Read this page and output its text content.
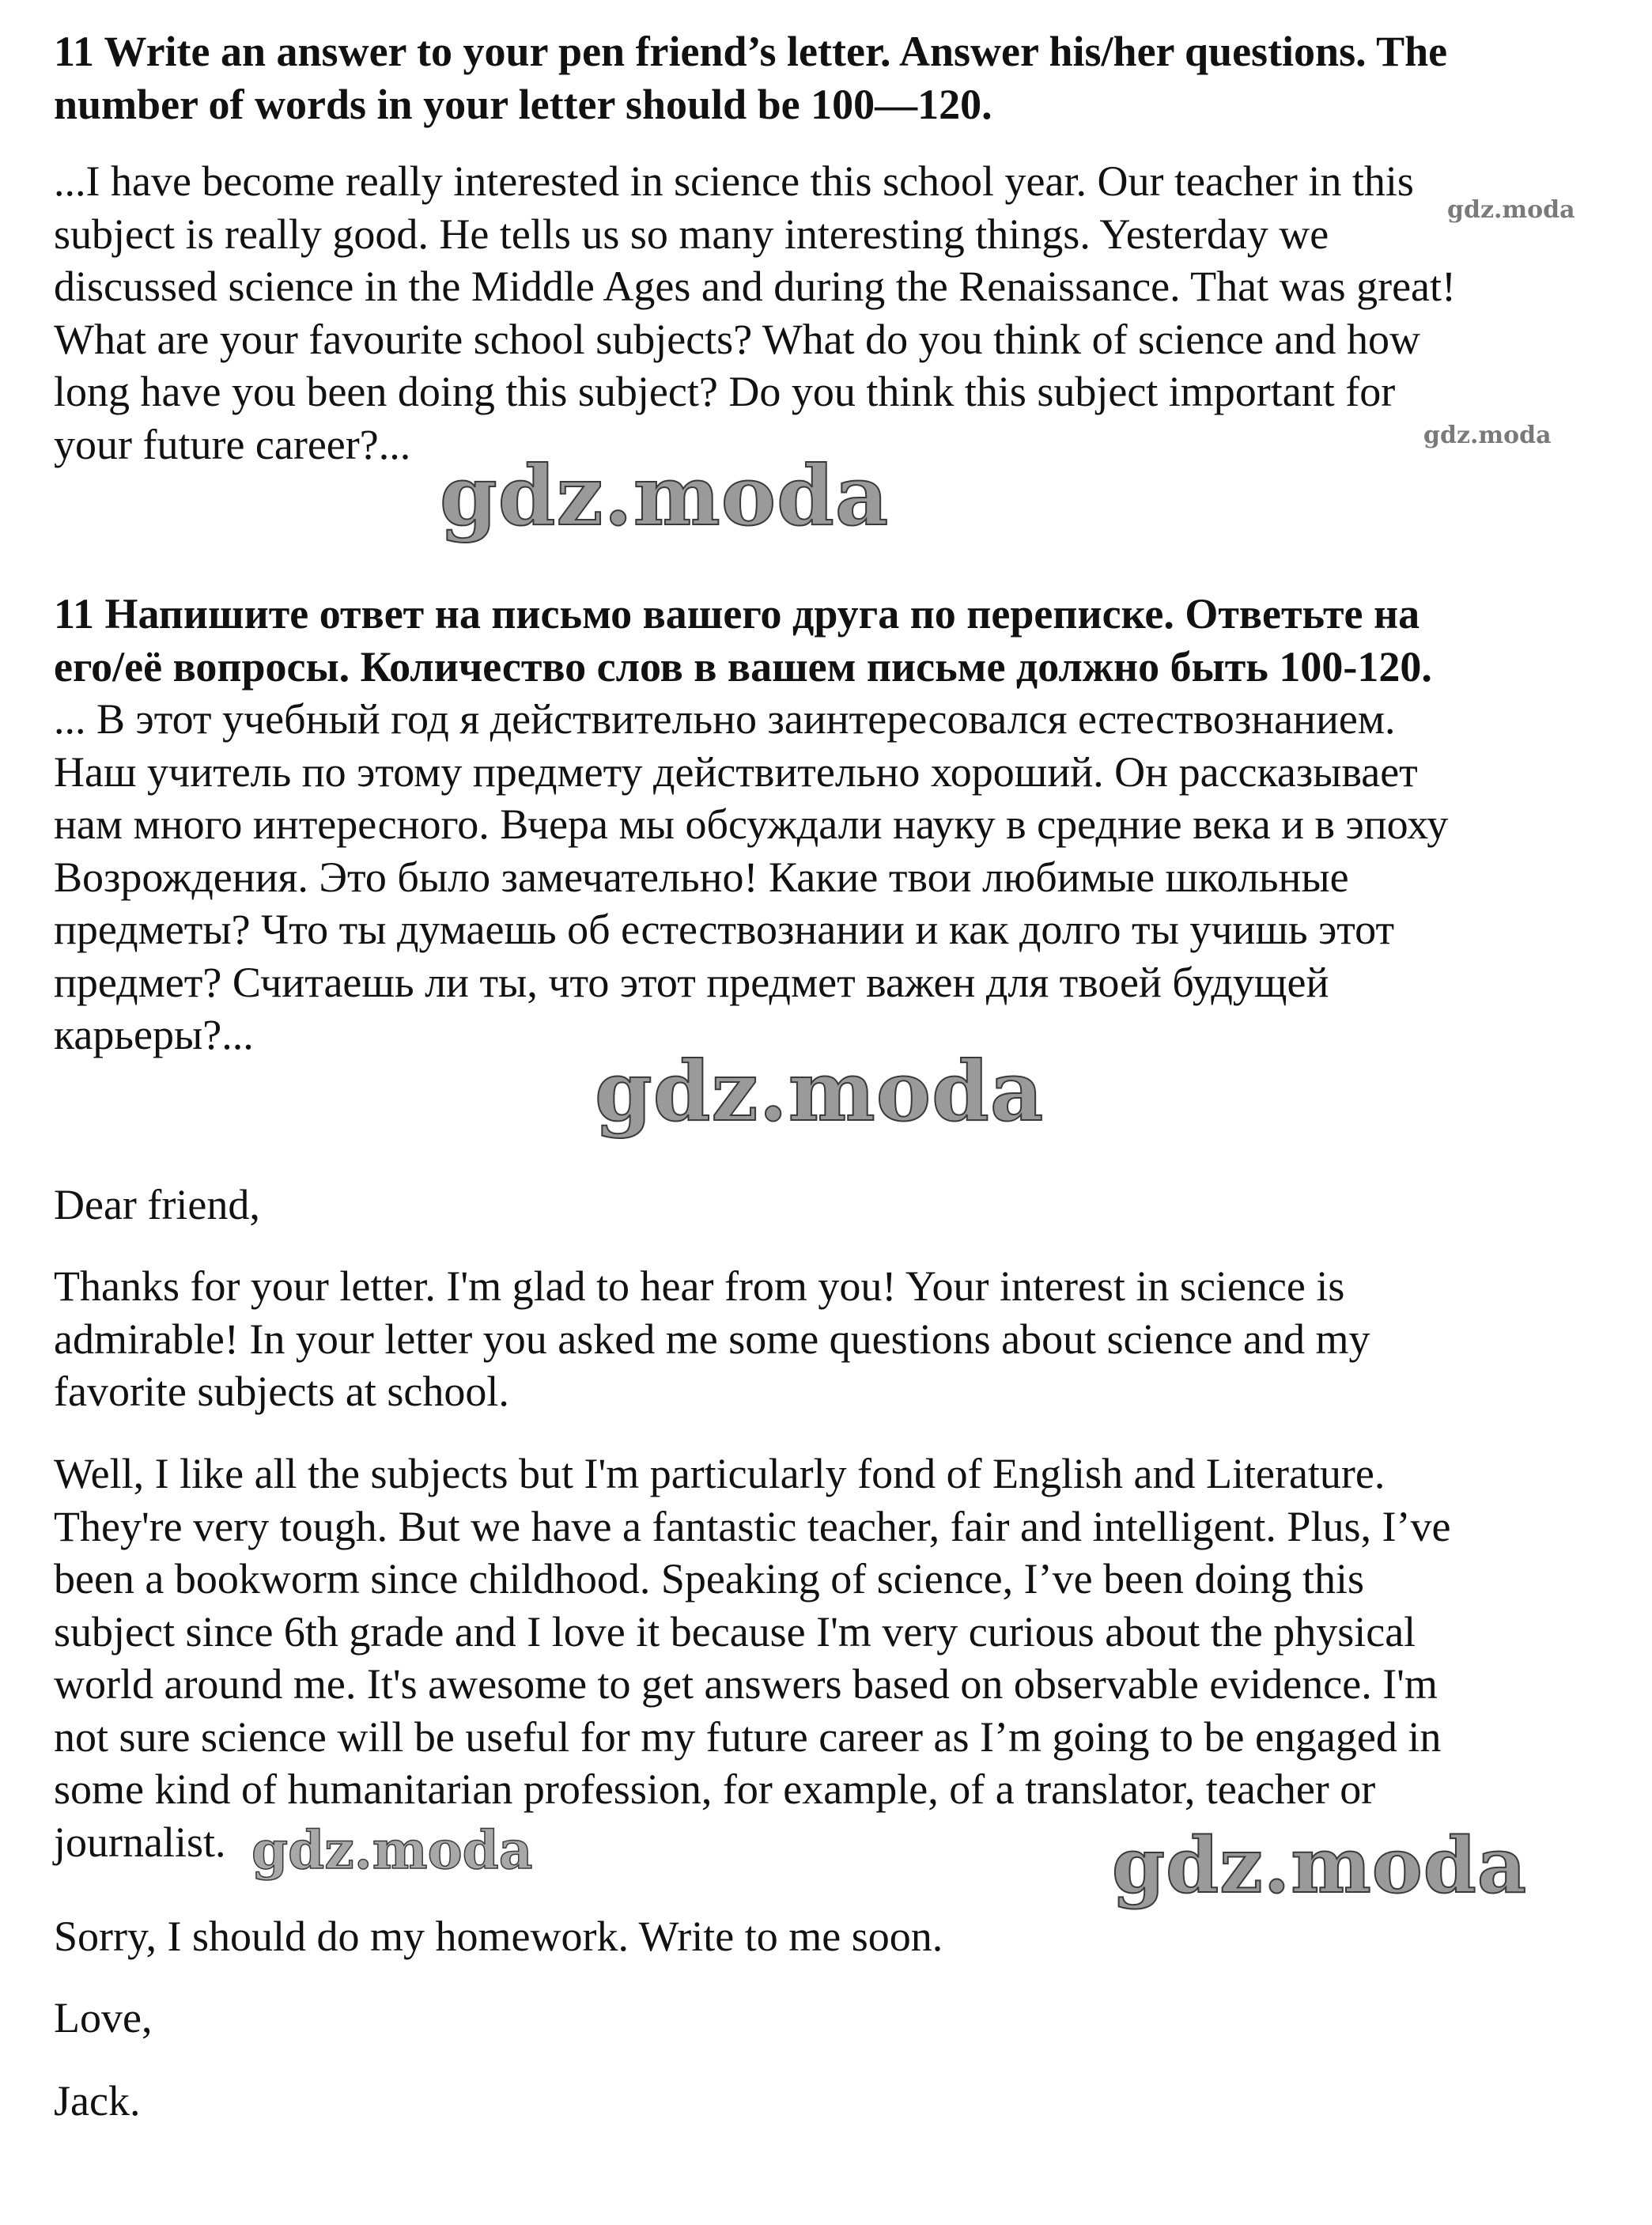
11 Write an answer to your pen friend’s letter. Answer his/her questions. The
number of words in your letter should be 100—120.
...I have become really interested in science this school year. Our teacher in this
subject is really good. He tells us so many interesting things. Yesterday we
discussed science in the Middle Ages and during the Renaissance. That was great!
What are your favourite school subjects? What do you think of science and how
long have you been doing this subject? Do you think this subject important for
your future career?...
11 Напишите ответ на письмо вашего друга по переписке. Ответьте на
его/её вопросы. Количество слов в вашем письме должно быть 100-120.
... В этот учебный год я действительно заинтересовался естествознанием.
Наш учитель по этому предмету действительно хороший. Он рассказывает
нам много интересного. Вчера мы обсуждали науку в средние века и в эпоху
Возрождения. Это было замечательно! Какие твои любимые школьные
предметы? Что ты думаешь об естествознании и как долго ты учишь этот
предмет? Считаешь ли ты, что этот предмет важен для твоей будущей
карьеры?...

Dear friend,

Thanks for your letter. I'm glad to hear from you! Your interest in science is
admirable! In your letter you asked me some questions about science and my
favorite subjects at school.
Well, I like all the subjects but I'm particularly fond of English and Literature.
They're very tough. But we have a fantastic teacher, fair and intelligent. Plus, I’ve
been a bookworm since childhood. Speaking of science, I’ve been doing this
subject since 6th grade and I love it because I'm very curious about the physical
world around me. It's awesome to get answers based on observable evidence. I'm
not sure science will be useful for my future career as I’m going to be engaged in
some kind of humanitarian profession, for example, of a translator, teacher or
journalist.

Sorry, I should do my homework. Write to me soon.

Love,

Jack.

gdz.moda
gdz.moda
gdz.moda
gdz.moda
gdz.moda	gdz.moda
